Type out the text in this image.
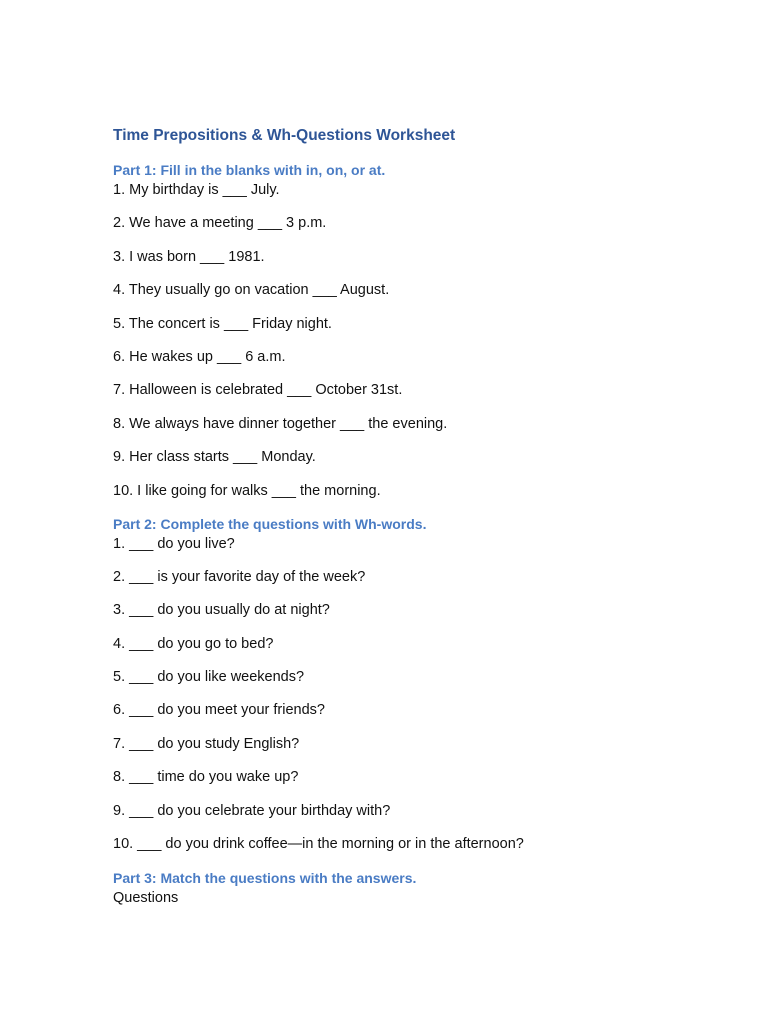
Time Prepositions & Wh-Questions Worksheet
Part 1: Fill in the blanks with in, on, or at.

1. My birthday is ___ July.

2. We have a meeting ___ 3 p.m.

3. I was born ___ 1981.

4. They usually go on vacation ___ August.

5. The concert is ___ Friday night.

6. He wakes up ___ 6 a.m.

7. Halloween is celebrated ___ October 31st.

8. We always have dinner together ___ the evening.

9. Her class starts ___ Monday.

10. I like going for walks ___ the morning.

Part 2: Complete the questions with Wh-words.

1. ___ do you live?

2. ___ is your favorite day of the week?

3. ___ do you usually do at night?

4. ___ do you go to bed?

5. ___ do you like weekends?

6. ___ do you meet your friends?

7. ___ do you study English?

8. ___ time do you wake up?

9. ___ do you celebrate your birthday with?

10. ___ do you drink coffee—in the morning or in the afternoon?

Part 3: Match the questions with the answers.

Questions
